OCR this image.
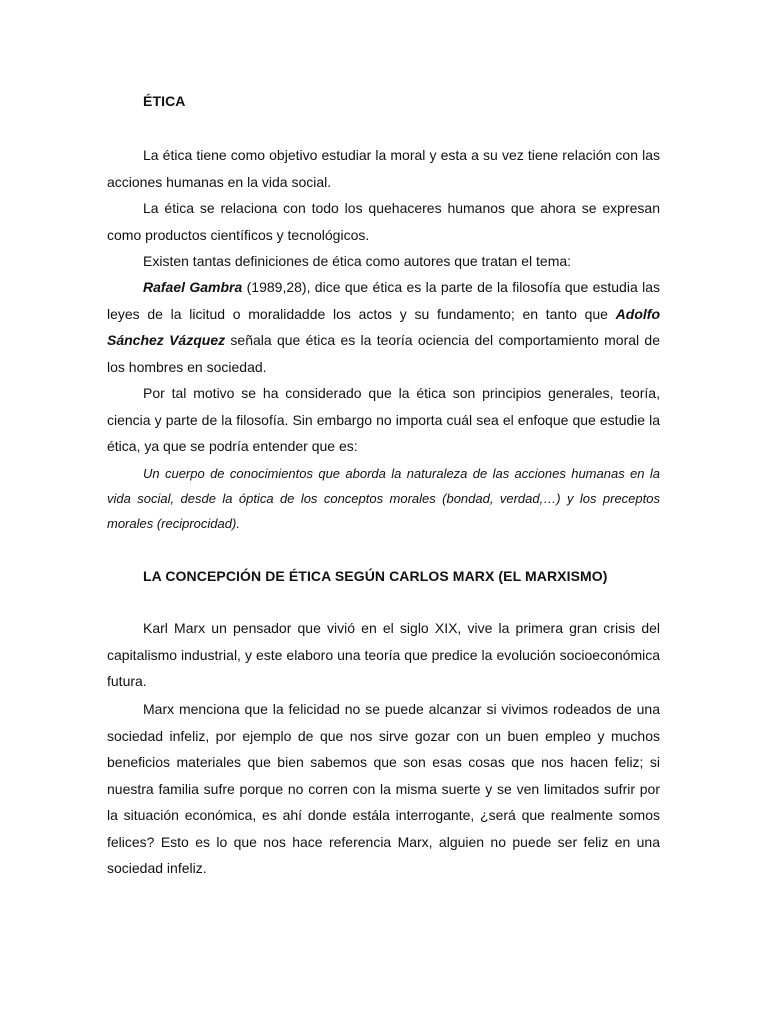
ÉTICA

La ética tiene como objetivo estudiar la moral y esta a su vez tiene relación con las acciones humanas en la vida social.

La ética se relaciona con todo los quehaceres humanos que ahora se expresan como productos científicos y tecnológicos.

Existen tantas definiciones de ética como autores que tratan el tema:

Rafael Gambra (1989,28), dice que ética es la parte de la filosofía que estudia las leyes de la licitud o moralidadde los actos y su fundamento; en tanto que Adolfo Sánchez Vázquez señala que ética es la teoría ociencia del comportamiento moral de los hombres en sociedad.

Por tal motivo se ha considerado que la ética son principios generales, teoría, ciencia y parte de la filosofía. Sin embargo no importa cuál sea el enfoque que estudie la ética, ya que se podría entender que es:

Un cuerpo de conocimientos que aborda la naturaleza de las acciones humanas en la vida social, desde la óptica de los conceptos morales (bondad, verdad,…) y los preceptos morales (reciprocidad).

LA CONCEPCIÓN DE ÉTICA SEGÚN CARLOS MARX (EL MARXISMO)

Karl Marx un pensador que vivió en el siglo XIX, vive la primera gran crisis del capitalismo industrial, y este elaboro una teoría que predice la evolución socioeconómica futura.

Marx menciona que la felicidad no se puede alcanzar si vivimos rodeados de una sociedad infeliz, por ejemplo de que nos sirve gozar con un buen empleo y muchos beneficios materiales que bien sabemos que son esas cosas que nos hacen feliz; si nuestra familia sufre porque no corren con la misma suerte y se ven limitados sufrir por la situación económica, es ahí donde estála interrogante, ¿será que realmente somos felices? Esto es lo que nos hace referencia Marx, alguien no puede ser feliz en una sociedad infeliz.
